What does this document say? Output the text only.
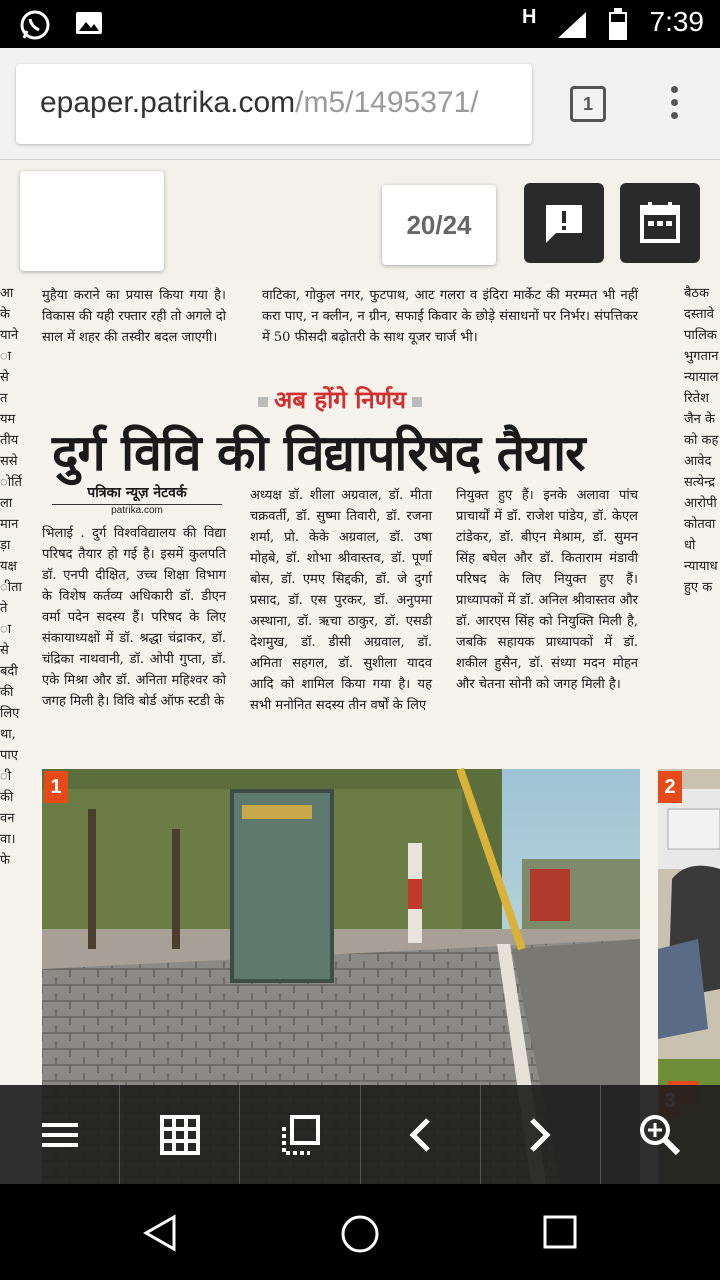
H	7:39
epaper.patrika.com/m5/1495371/	1
20/24
आ के याने ा से त यम तीय ससे ोर्ति ला मान ड़ा यक्ष ीता ते ा से बदी की लिए था, पाए ी की वन वा। फे
बैठक दस्तावे पालिक भुगतान न्यायाल रितेश जैन के को कह आवेद सत्येन्द्र आरोपी कोतवा धो न्यायाध हुए क
मुहैया कराने का प्रयास किया गया है। विकास की यही रफ्तार रही तो अगले दो साल में शहर की तस्वीर बदल जाएगी।
वाटिका, गोकुल नगर, फुटपाथ, आट गलरा व इंदिरा मार्केट की मरम्मत भी नहीं करा पाए, न क्लीन, न ग्रीन, सफाई किवार के छोड़े संसाधनों पर निर्भर। संपत्तिकर में 50 फीसदी बढ़ोतरी के साथ यूजर चार्ज भी।
अब होंगे निर्णय
दुर्ग विवि की विद्यापरिषद तैयार
पत्रिका न्यूज़ नेटवर्क
patrika.com
भिलाई . दुर्ग विश्वविद्यालय की विद्या परिषद तैयार हो गई है। इसमें कुलपति डॉ. एनपी दीक्षित, उच्च शिक्षा विभाग के विशेष कर्तव्य अधिकारी डॉ. डीएन वर्मा पदेन सदस्य हैं। परिषद के लिए संकायाध्यक्षों में डॉ. श्रद्धा चंद्राकर, डॉ. चंद्रिका नाथवानी, डॉ. ओपी गुप्ता, डॉ. एके मिश्रा और डॉ. अनिता महिश्वर को जगह मिली है। विवि बोर्ड ऑफ स्टडी के
अध्यक्ष डॉ. शीला अग्रवाल, डॉ. मीता चक्रवर्ती, डॉ. सुष्मा तिवारी, डॉ. रजना शर्मा, प्रो. केके अग्रवाल, डॉ. उषा मोहबे, डॉ. शोभा श्रीवास्तव, डॉ. पूर्णा बोस, डॉ. एमए सिद्दकी, डॉ. जे दुर्गा प्रसाद, डॉ. एस पुरकर, डॉ. अनुपमा अस्थाना, डॉ. ऋचा ठाकुर, डॉ. एसडी देशमुख, डॉ. डीसी अग्रवाल, डॉ. अमिता सहगल, डॉ. सुशीला यादव आदि को शामिल किया गया है। यह सभी मनोनित सदस्य तीन वर्षों के लिए
नियुक्त हुए हैं। इनके अलावा पांच प्राचार्यों में डॉ. राजेश पांडेय, डॉ. केएल टांडेकर, डॉ. बीएन मेश्राम, डॉ. सुमन सिंह बघेल और डॉ. किताराम मंडावी परिषद के लिए नियुक्त हुए हैं। प्राध्यापकों में डॉ. अनिल श्रीवास्तव और डॉ. आरएस सिंह को नियुक्ति मिली है, जबकि सहायक प्राध्यापकों में डॉ. शकील हुसैन, डॉ. संध्या मदन मोहन और चेतना सोनी को जगह मिली है।
1	2
